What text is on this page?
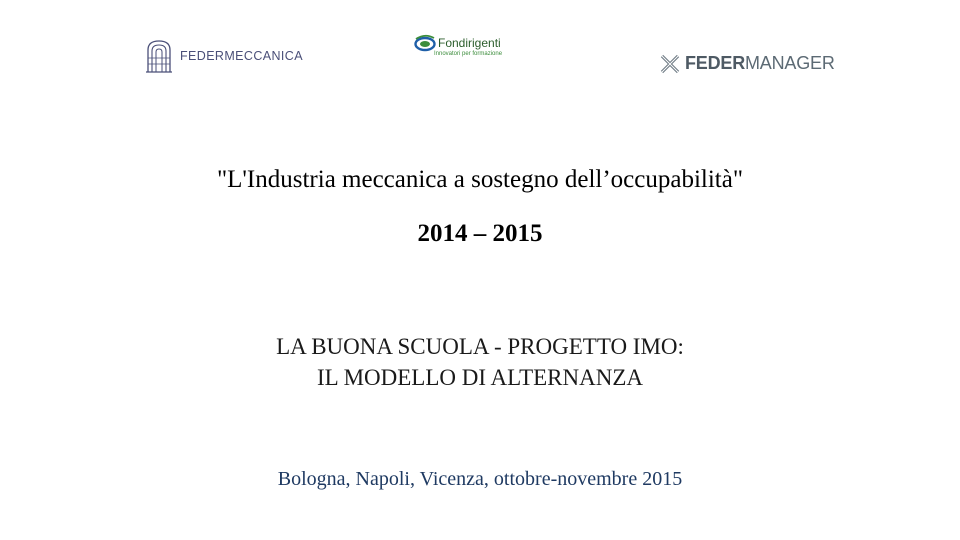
FEDERMECCANICA
Fondirigenti
Innovatori per formazione	FEDERMANAGER
"L'Industria meccanica a sostegno dell’occupabilità"
2014 – 2015
LA BUONA SCUOLA - PROGETTO IMO:
IL MODELLO DI ALTERNANZA
Bologna, Napoli, Vicenza, ottobre-novembre 2015
